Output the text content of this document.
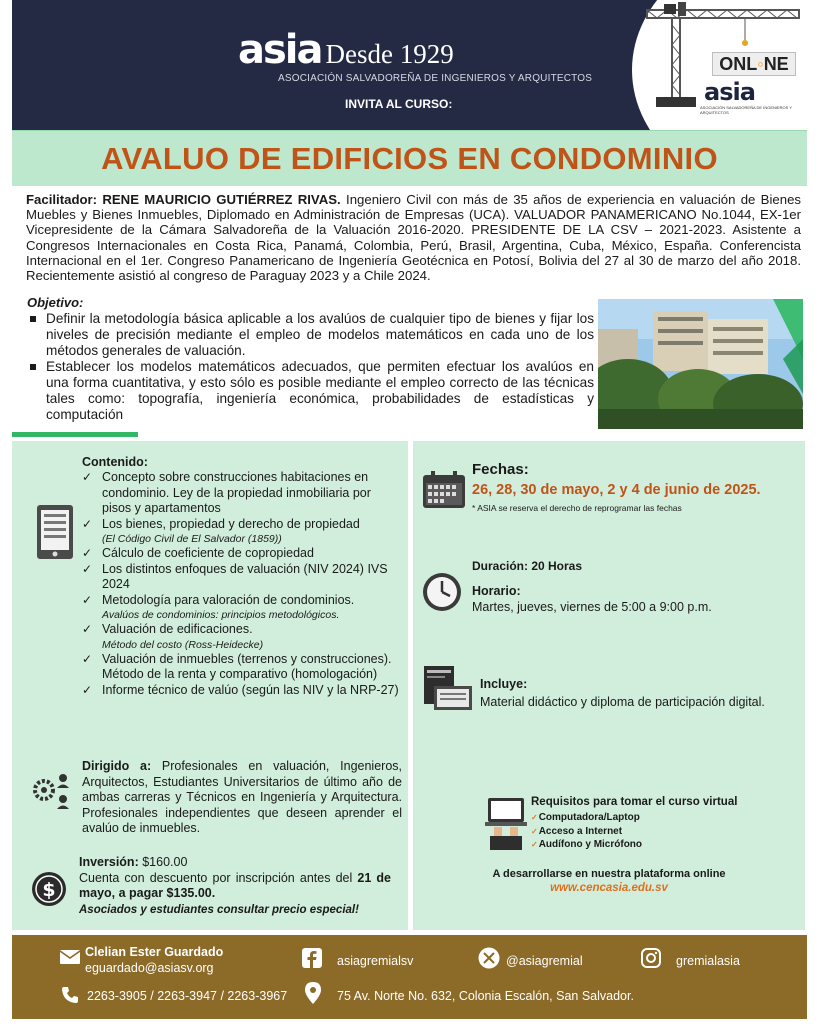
asia Desde 1929
ASOCIACIÓN SALVADOREÑA DE INGENIEROS Y ARQUITECTOS
INVITA AL CURSO:
ONL◦NE
asia
ASOCIACIÓN SALVADOREÑA DE INGENIEROS Y ARQUITECTOS
AVALUO DE EDIFICIOS EN CONDOMINIO

Facilitador: RENE MAURICIO GUTIÉRREZ RIVAS. Ingeniero Civil con más de 35 años de experiencia en valuación de Bienes Muebles y Bienes Inmuebles, Diplomado en Administración de Empresas (UCA). VALUADOR PANAMERICANO No.1044, EX-1er Vicepresidente de la Cámara Salvadoreña de la Valuación 2016-2020. PRESIDENTE DE LA CSV – 2021-2023. Asistente a Congresos Internacionales en Costa Rica, Panamá, Colombia, Perú, Brasil, Argentina, Cuba, México, España. Conferencista Internacional en el 1er. Congreso Panamericano de Ingeniería Geotécnica en Potosí, Bolivia del 27 al 30 de marzo del año 2018. Recientemente asistió al congreso de Paraguay 2023 y a Chile 2024.

Objetivo:
Definir la metodología básica aplicable a los avalúos de cualquier tipo de bienes y fijar los niveles de precisión mediante el empleo de modelos matemáticos en cada uno de los métodos generales de valuación.
Establecer los modelos matemáticos adecuados, que permiten efectuar los avalúos en una forma cuantitativa, y esto sólo es posible mediante el empleo correcto de las técnicas tales como: topografía, ingeniería económica, probabilidades de estadísticas y computación
Contenido:
✓ Concepto sobre construcciones habitaciones en condominio. Ley de la propiedad inmobiliaria por pisos y apartamentos
✓ Los bienes, propiedad y derecho de propiedad
(El Código Civil de El Salvador (1859))
✓ Cálculo de coeficiente de copropiedad
✓ Los distintos enfoques de valuación (NIV 2024) IVS 2024
✓ Metodología para valoración de condominios.
Avalúos de condominios: principios metodológicos.
✓ Valuación de edificaciones.
Método del costo (Ross-Heidecke)
✓ Valuación de inmuebles (terrenos y construcciones). Método de la renta y comparativo (homologación)
✓ Informe técnico de valúo (según las NIV y la NRP-27)

Dirigido a: Profesionales en valuación, Ingenieros, Arquitectos, Estudiantes Universitarios de último año de ambas carreras y Técnicos en Ingeniería y Arquitectura. Profesionales independientes que deseen aprender el avalúo de inmuebles.

$

Inversión: $160.00
Cuenta con descuento por inscripción antes del 21 de mayo, a pagar $135.00.
Asociados y estudiantes consultar precio especial!

Fechas:
26, 28, 30 de mayo, 2 y 4 de junio de 2025.
* ASIA se reserva el derecho de reprogramar las fechas
Duración: 20 Horas
Horario:
Martes, jueves, viernes de 5:00 a 9:00 p.m.
Incluye:
Material didáctico y diploma de participación digital.
Requisitos para tomar el curso virtual
✓Computadora/Laptop
✓Acceso a Internet
✓Audífono y Micrófono
A desarrollarse en nuestra plataforma online
www.cencasia.edu.sv
Clelian Ester Guardado
eguardado@asiasv.org	asiagremialsv	@asiagremial	gremialasia
2263-3905 / 2263-3947 / 2263-3967	75 Av. Norte No. 632, Colonia Escalón, San Salvador.
